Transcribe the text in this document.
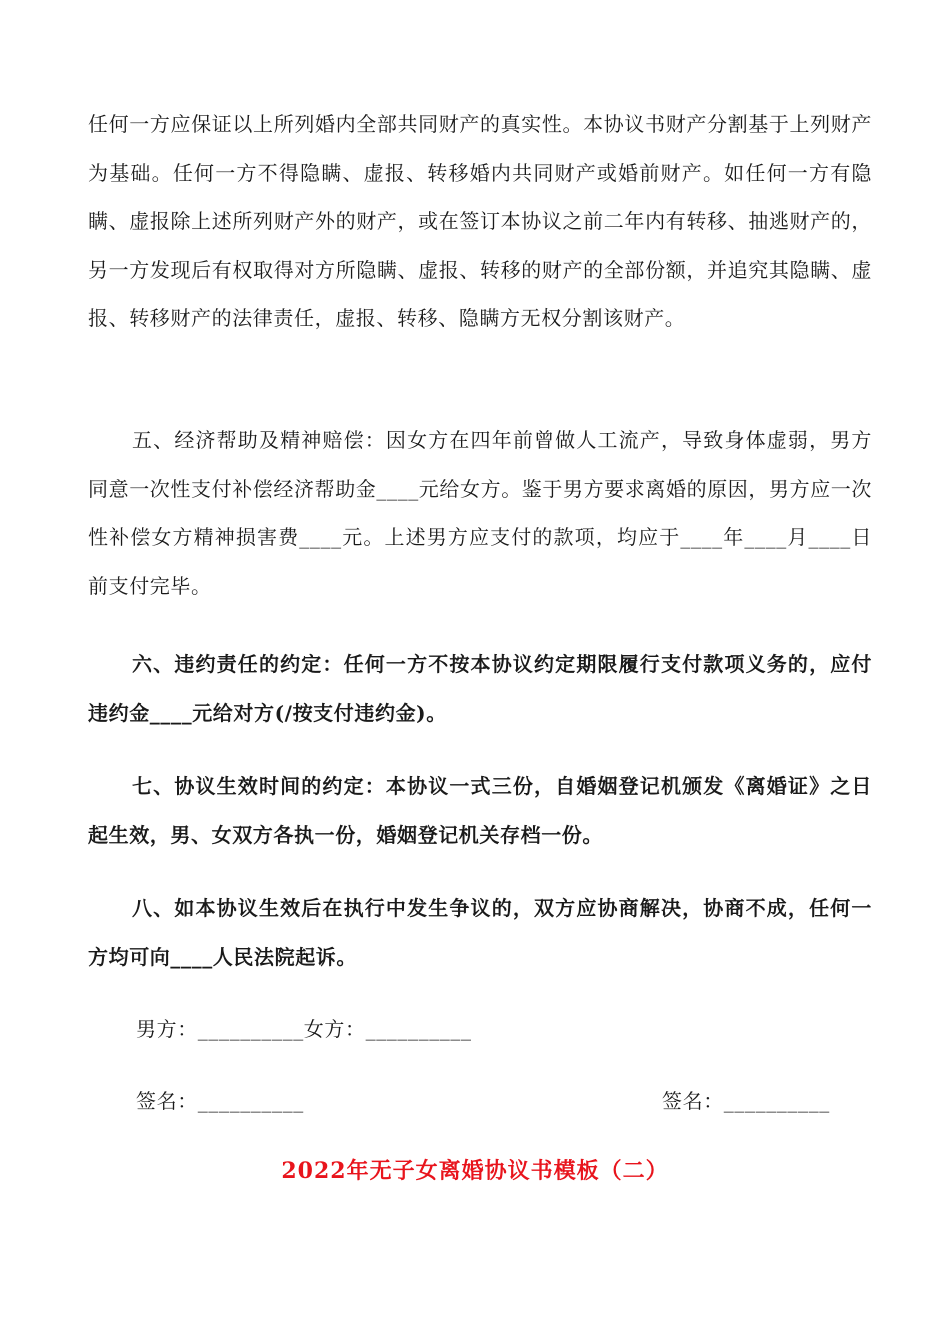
任何一方应保证以上所列婚内全部共同财产的真实性。本协议书财产分割基于上列财产为基础。任何一方不得隐瞒、虚报、转移婚内共同财产或婚前财产。如任何一方有隐瞒、虚报除上述所列财产外的财产，或在签订本协议之前二年内有转移、抽逃财产的，另一方发现后有权取得对方所隐瞒、虚报、转移的财产的全部份额，并追究其隐瞒、虚报、转移财产的法律责任，虚报、转移、隐瞒方无权分割该财产。
五、经济帮助及精神赔偿：因女方在四年前曾做人工流产，导致身体虚弱，男方同意一次性支付补偿经济帮助金____元给女方。鉴于男方要求离婚的原因，男方应一次性补偿女方精神损害费____元。上述男方应支付的款项，均应于____年____月____日前支付完毕。
六、违约责任的约定：任何一方不按本协议约定期限履行支付款项义务的，应付违约金____元给对方(/按支付违约金)。
七、协议生效时间的约定：本协议一式三份，自婚姻登记机颁发《离婚证》之日起生效，男、女双方各执一份，婚姻登记机关存档一份。
八、如本协议生效后在执行中发生争议的，双方应协商解决，协商不成，任何一方均可向____人民法院起诉。
男方：__________女方：__________
签名：__________	签名：__________
2022年无子女离婚协议书模板（二）
